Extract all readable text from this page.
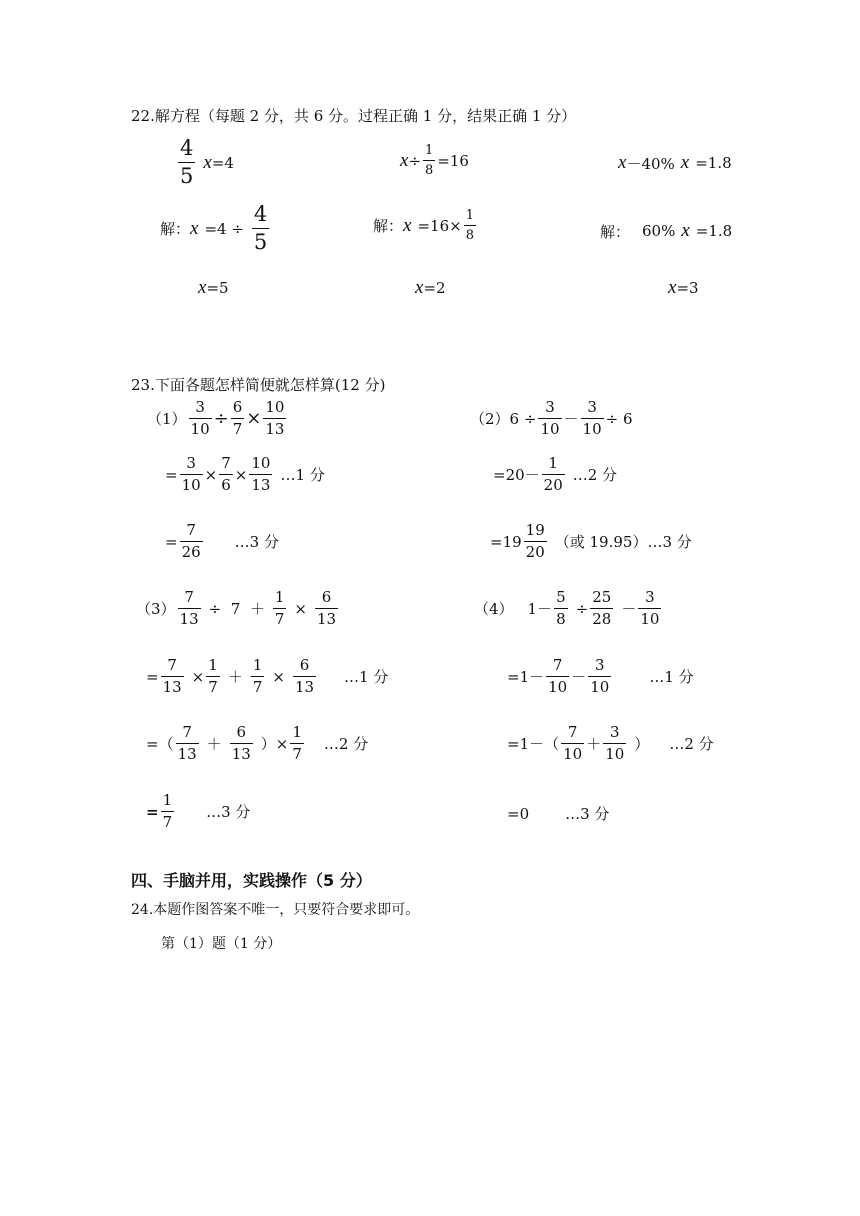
22.解方程（每题 2 分，共 6 分。过程正确 1 分，结果正确 1 分）
$\frac{4}{5}$ x =4	$x \div \frac{1}{8} =16$	x －40% x =1.8
解： $x =4 \div \frac{4}{5}$	解： $x =16\times \frac{1}{8}$	解： 60% x =1.8
x =5	x =2	x =3
23.下面各题怎样简便就怎样算(12 分)
$(1) \frac{3}{10} \div \frac{6}{7} \times \frac{10}{13}$
= $\frac{3}{10} \times \frac{7}{6} \times \frac{10}{13}$ …1 分
= $\frac{7}{26}$ …3 分
$(2)6 \div \frac{3}{10} - \frac{3}{10} \div 6$
$=20- \frac{1}{20}$ …2 分
$=19 \frac{19}{20}$ （或 19.95） …3 分
$(3) \frac{7}{13} \div 7 + \frac{1}{7} \times \frac{6}{13}$
= $\frac{7}{13} \times \frac{1}{7} + \frac{1}{7} \times \frac{6}{13}$ …1 分
=（ $\frac{7}{13} + \frac{6}{13}$ ）× $\frac{1}{7}$ …2 分
= $\frac{1}{7}$ …3 分
（4） $1- \frac{5}{8} \div \frac{25}{28} - \frac{3}{10}$
$=1- \frac{7}{10} - \frac{3}{10}$	…1 分
$=1-( \frac{7}{10} + \frac{3}{10}$ ） …2 分
=0 …3 分
四、手脑并用，实践操作（5 分）
24.本题作图答案不唯一，只要符合要求即可。
第（1）题（1 分）
